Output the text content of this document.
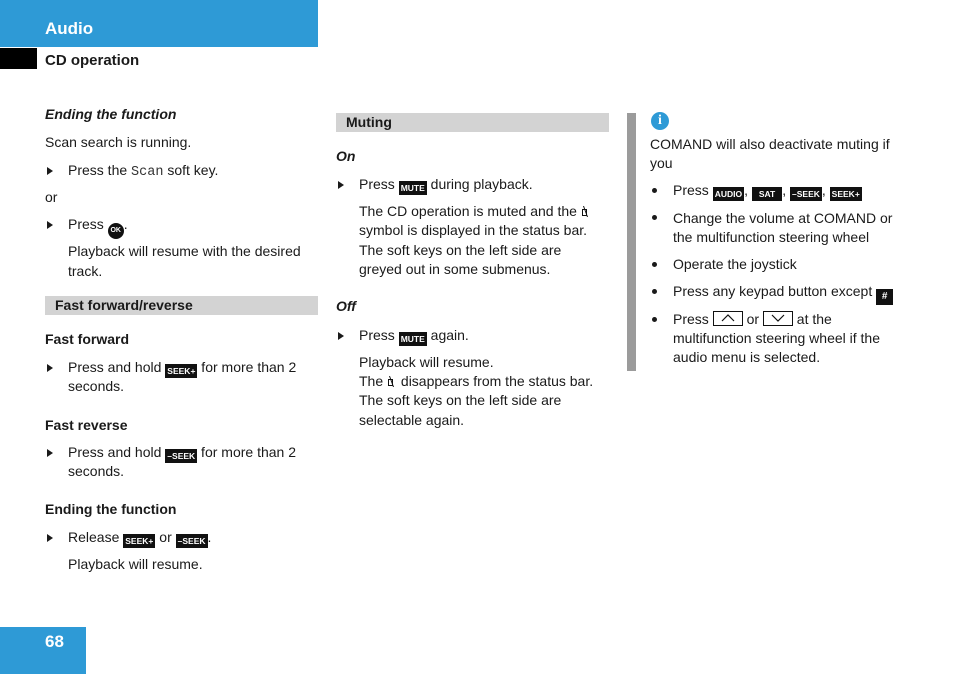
Audio
CD operation
Ending the function
Scan search is running.
Press the Scan soft key.
or
Press OK .
Playback will resume with the desired
track.
Fast forward/reverse
Fast forward
Press and hold SEEK+ for more than 2
seconds.
Fast reverse
Press and hold –SEEK for more than 2
seconds.
Ending the function
Release SEEK+ or –SEEK .
Playback will resume.
Muting
On
Press MUTE during playback.
The CD operation is muted and the
symbol is displayed in the status bar.
The soft keys on the left side are
greyed out in some submenus.
Off
Press MUTE again.
Playback will resume.
The  disappears from the status bar.
The soft keys on the left side are
selectable again.
i
COMAND will also deactivate muting if
you
Press AUDIO , SAT , –SEEK , SEEK+
Change the volume at COMAND or
the multifunction steering wheel
Operate the joystick
Press any keypad button except #
Press
or
at the
multifunction steering wheel if the
audio menu is selected.
68
